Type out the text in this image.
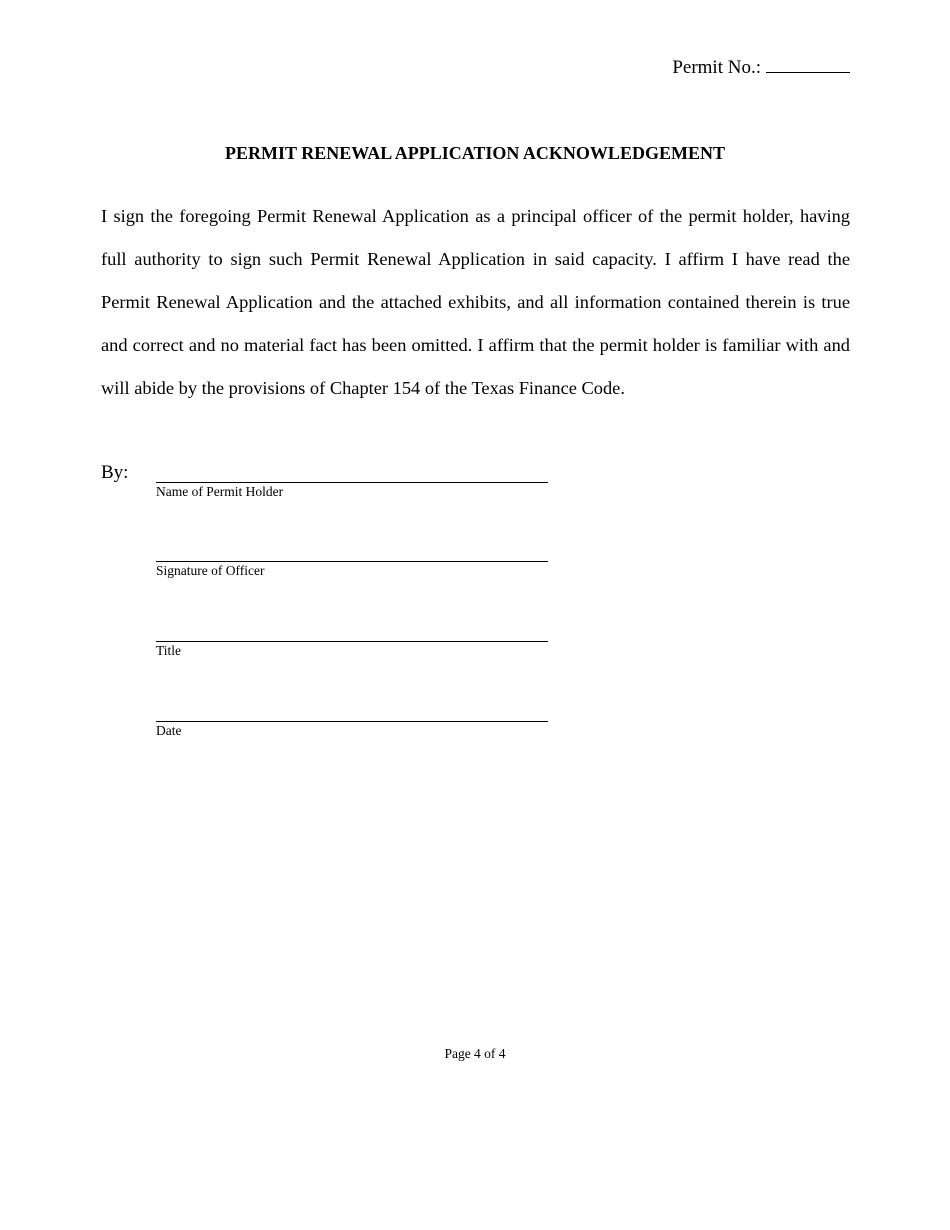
Permit No.:
PERMIT RENEWAL APPLICATION ACKNOWLEDGEMENT

I sign the foregoing Permit Renewal Application as a principal officer of the permit holder, having full authority to sign such Permit Renewal Application in said capacity. I affirm I have read the Permit Renewal Application and the attached exhibits, and all information contained therein is true and correct and no material fact has been omitted. I affirm that the permit holder is familiar with and will abide by the provisions of Chapter 154 of the Texas Finance Code.

By:
Name of Permit Holder
Signature of Officer
Title
Date
Page 4 of 4
